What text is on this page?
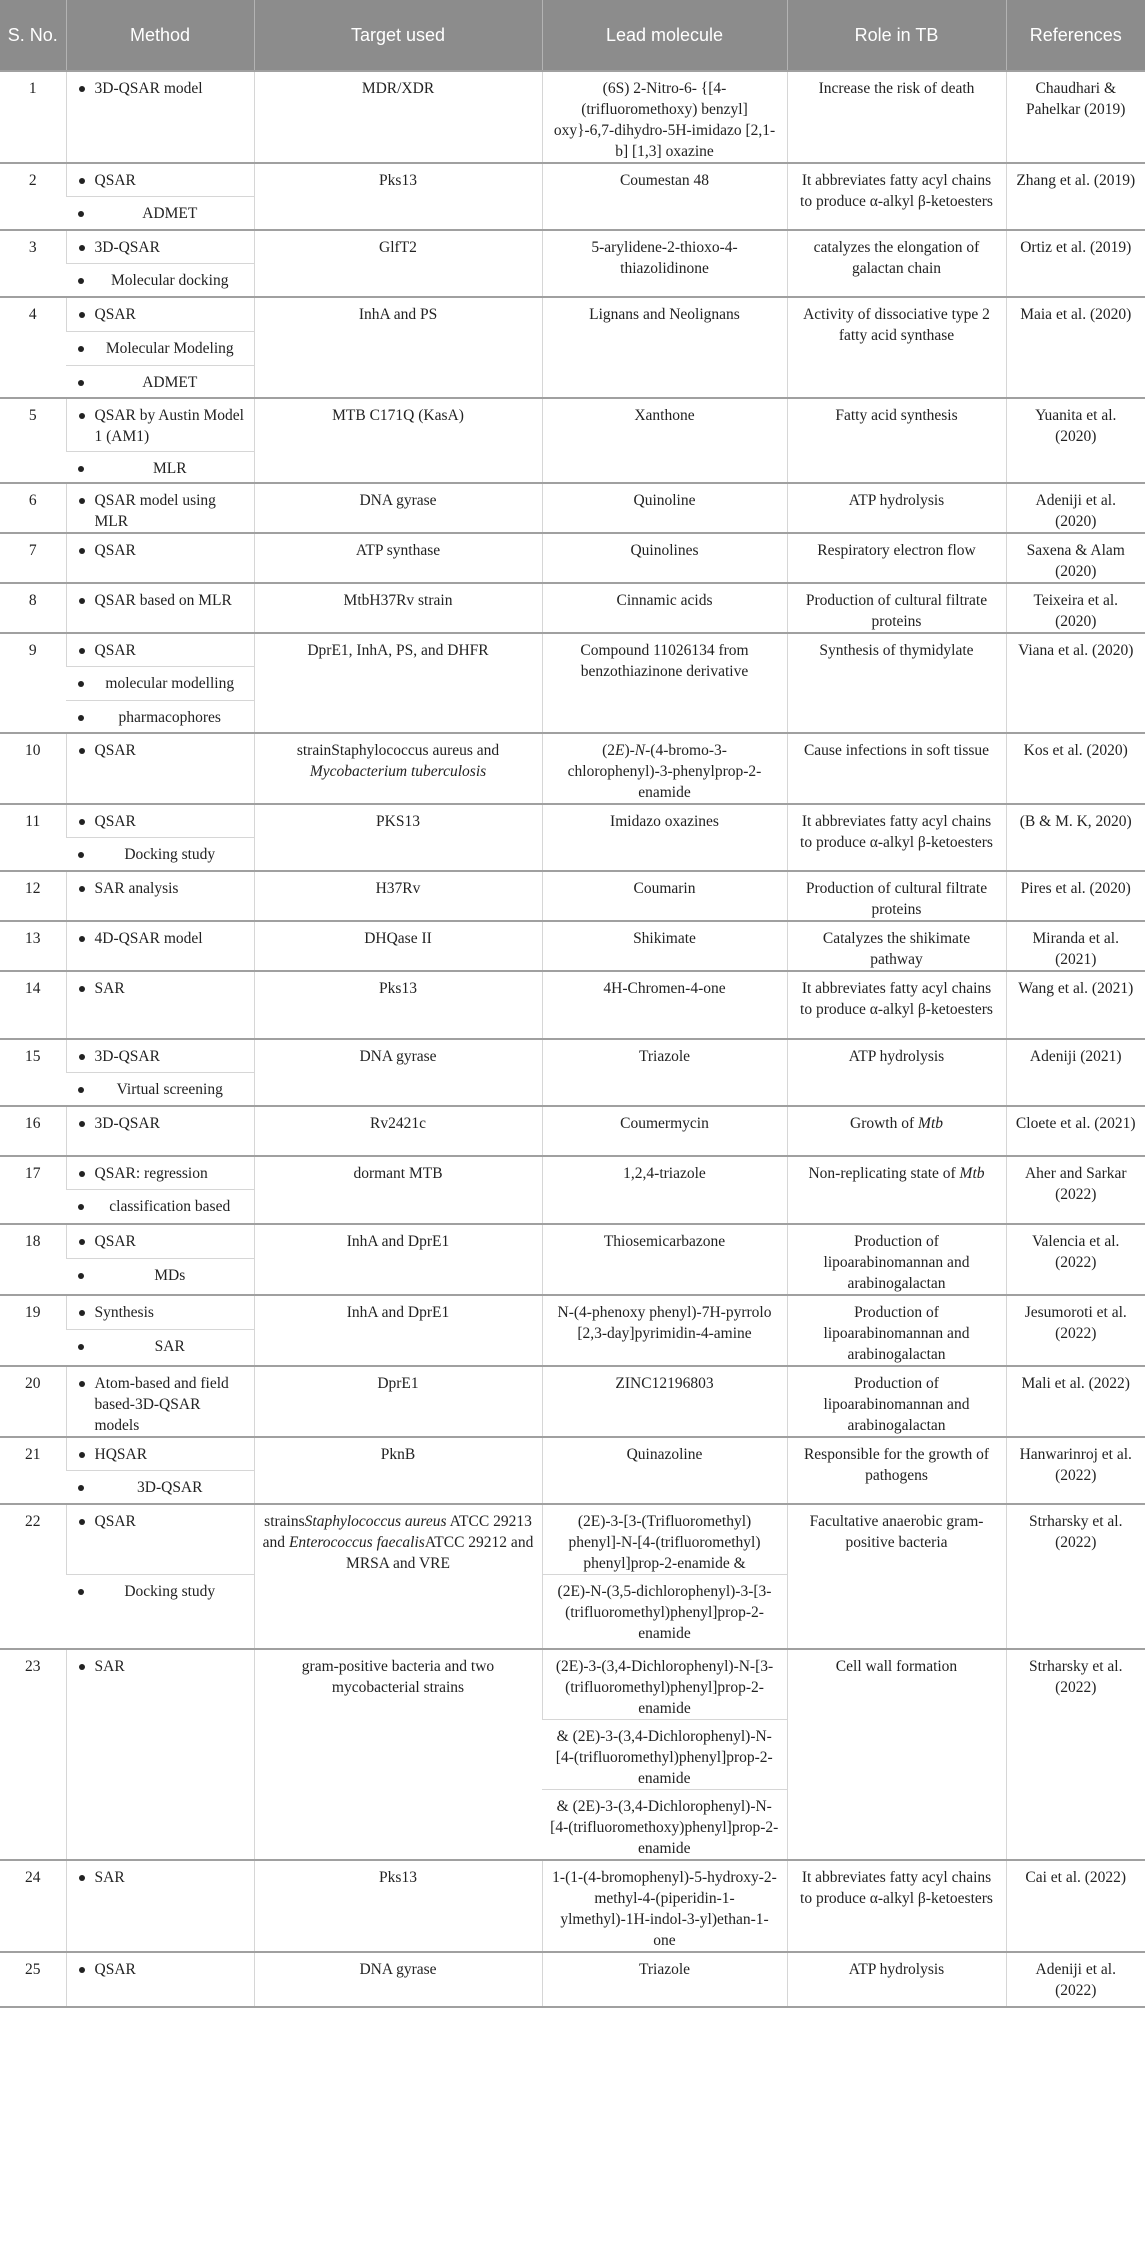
S. No.	Method	Target used	Lead molecule	Role in TB	References
1	3D-QSAR model	MDR/XDR	(6S) 2-Nitro-6- {[4-(trifluoromethoxy) benzyl] oxy}-6,7-dihydro-5H-imidazo [2,1-b] [1,3] oxazine	Increase the risk of death	Chaudhari & Pahelkar (2019)
2	QSAR	Pks13	Coumestan 48	It abbreviates fatty acyl chains to produce α-alkyl β-ketoesters	Zhang et al. (2019)

	ADMET				

3	3D-QSAR	GlfT2	5-arylidene-2-thioxo-4-thiazolidinone	catalyzes the elongation of galactan chain	Ortiz et al. (2019)

	Molecular docking				

4	QSAR	InhA and PS	Lignans and Neolignans	Activity of dissociative type 2 fatty acid synthase	Maia et al. (2020)

	Molecular Modeling				

	ADMET				

5	QSAR by Austin Model 1 (AM1)	MTB C171Q (KasA)	Xanthone	Fatty acid synthesis	Yuanita et al. (2020)

	MLR				

6	QSAR model using MLR	DNA gyrase	Quinoline	ATP hydrolysis	Adeniji et al. (2020)
7	QSAR	ATP synthase	Quinolines	Respiratory electron flow	Saxena & Alam (2020)
8	QSAR based on MLR	MtbH37Rv strain	Cinnamic acids	Production of cultural filtrate proteins	Teixeira et al. (2020)
9	QSAR	DprE1, InhA, PS, and DHFR	Compound 11026134 from benzothiazinone derivative	Synthesis of thymidylate	Viana et al. (2020)

	molecular modelling				

	pharmacophores				

10	QSAR	strainStaphylococcus aureus and Mycobacterium tuberculosis	(2E)-N-(4-bromo-3-chlorophenyl)-3-phenylprop-2-enamide	Cause infections in soft tissue	Kos et al. (2020)
11	QSAR	PKS13	Imidazo oxazines	It abbreviates fatty acyl chains to produce α-alkyl β-ketoesters	(B & M. K, 2020)

	Docking study				

12	SAR analysis	H37Rv	Coumarin	Production of cultural filtrate proteins	Pires et al. (2020)
13	4D-QSAR model	DHQase II	Shikimate	Catalyzes the shikimate pathway	Miranda et al. (2021)
14	SAR	Pks13	4H-Chromen-4-one	It abbreviates fatty acyl chains to produce α-alkyl β-ketoesters	Wang et al. (2021)
15	3D-QSAR	DNA gyrase	Triazole	ATP hydrolysis	Adeniji (2021)

	Virtual screening				

16	3D-QSAR	Rv2421c	Coumermycin	Growth of Mtb	Cloete et al. (2021)
17	QSAR: regression	dormant MTB	1,2,4-triazole	Non-replicating state of Mtb	Aher and Sarkar (2022)

	classification based				

18	QSAR	InhA and DprE1	Thiosemicarbazone	Production of lipoarabinomannan and arabinogalactan	Valencia et al. (2022)

	MDs				

19	Synthesis	InhA and DprE1	N-(4-phenoxy phenyl)-7H-pyrrolo [2,3-day]pyrimidin-4-amine	Production of lipoarabinomannan and arabinogalactan	Jesumoroti et al. (2022)

	SAR				

20	Atom-based and field based-3D-QSAR models	DprE1	ZINC12196803	Production of lipoarabinomannan and arabinogalactan	Mali et al. (2022)
21	HQSAR	PknB	Quinazoline	Responsible for the growth of pathogens	Hanwarinroj et al. (2022)

	3D-QSAR				

22	QSAR	strainsStaphylococcus aureus ATCC 29213 and Enterococcus faecalisATCC 29212 and MRSA and VRE	(2E)-3-[3-(Trifluoromethyl) phenyl]-N-[4-(trifluoromethyl) phenyl]prop-2-enamide &	Facultative anaerobic gram-positive bacteria	Strharsky et al. (2022)

	Docking study		(2E)-N-(3,5-dichlorophenyl)-3-[3-(trifluoromethyl)phenyl]prop-2-enamide		
23	SAR	gram-positive bacteria and two mycobacterial strains	(2E)-3-(3,4-Dichlorophenyl)-N-[3-(trifluoromethyl)phenyl]prop-2-enamide	Cell wall formation	Strharsky et al. (2022)
			& (2E)-3-(3,4-Dichlorophenyl)-N-[4-(trifluoromethyl)phenyl]prop-2-enamide		
			& (2E)-3-(3,4-Dichlorophenyl)-N-[4-(trifluoromethoxy)phenyl]prop-2-enamide		
24	SAR	Pks13	1-(1-(4-bromophenyl)-5-hydroxy-2-methyl-4-(piperidin-1-ylmethyl)-1H-indol-3-yl)ethan-1-one	It abbreviates fatty acyl chains to produce α-alkyl β-ketoesters	Cai et al. (2022)
25	QSAR	DNA gyrase	Triazole	ATP hydrolysis	Adeniji et al. (2022)
